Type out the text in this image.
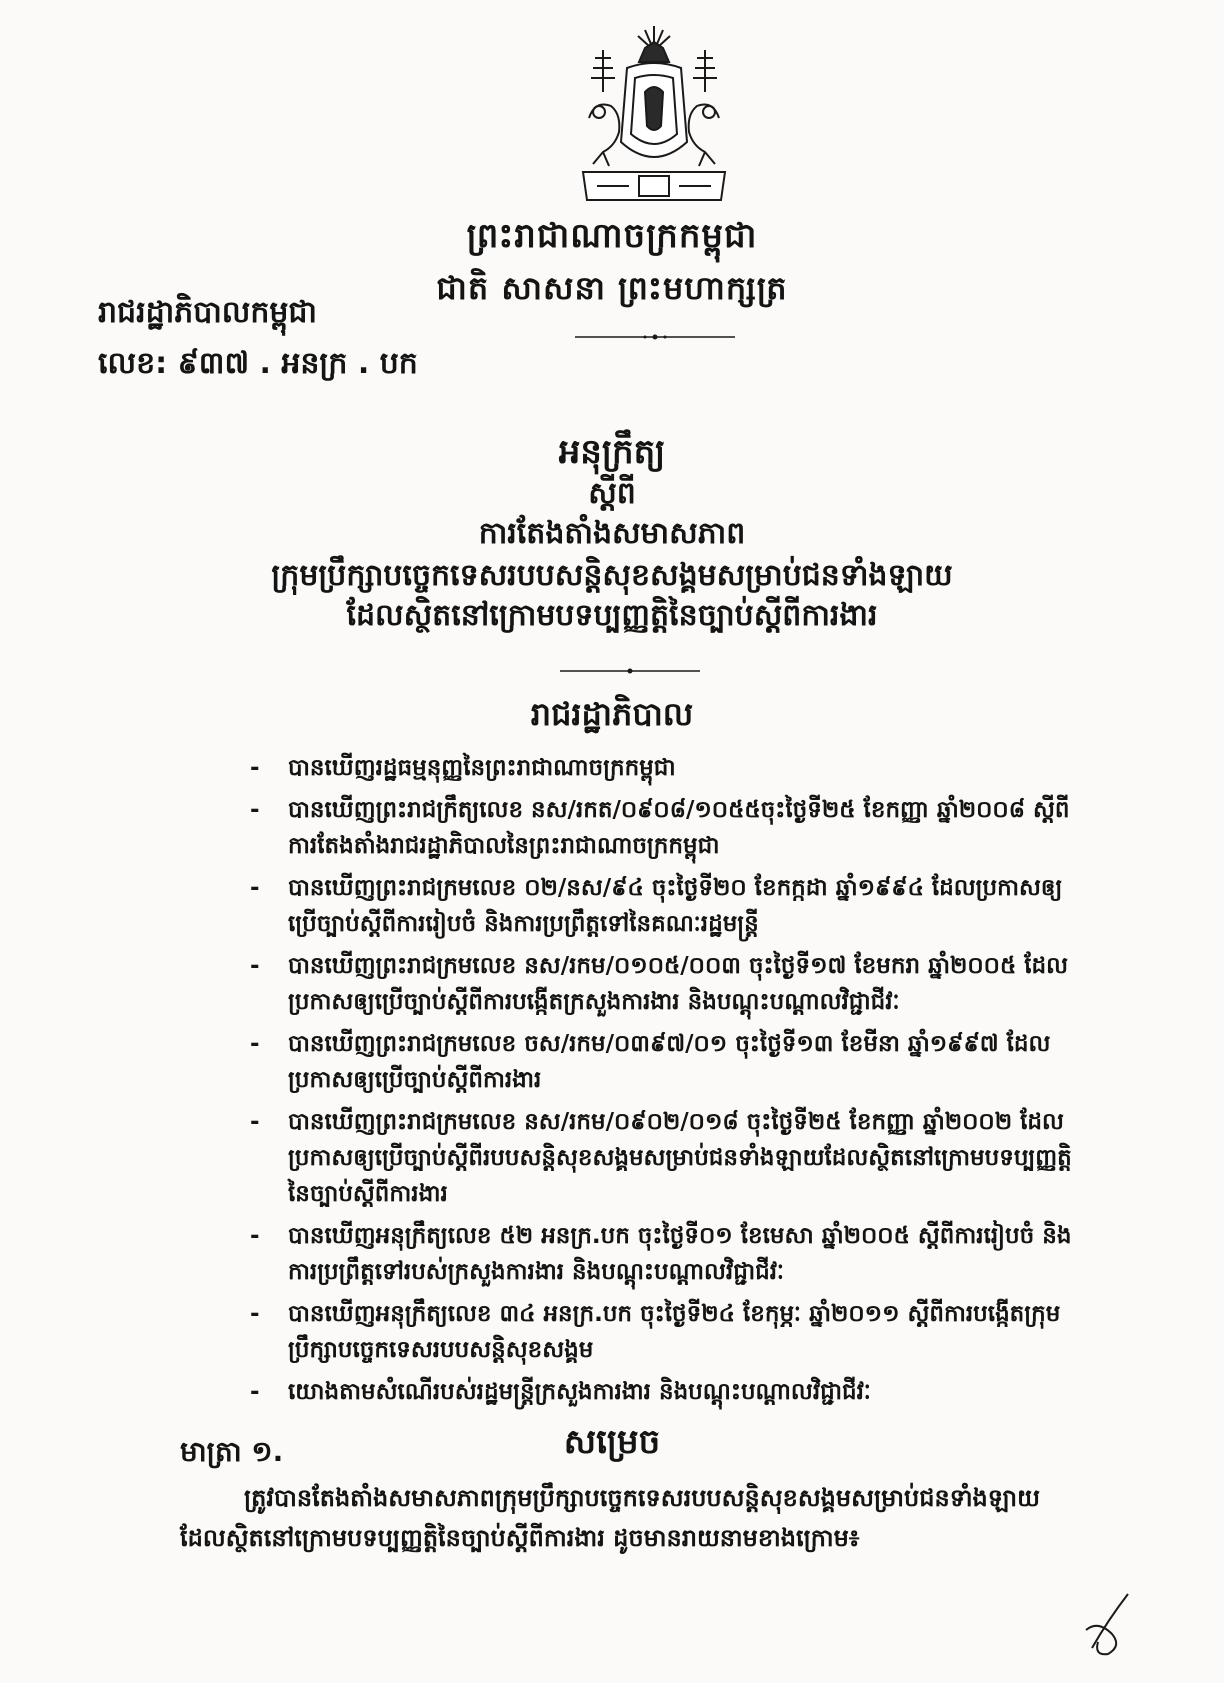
ព្រះរាជាណាចក្រកម្ពុជា
ជាតិ សាសនា ព្រះមហាក្សត្រ
រាជរដ្ឋាភិបាលកម្ពុជា
លេខ: ៩៣៧ . អនក្រ . បក
អនុក្រឹត្យ
ស្តីពី
ការតែងតាំងសមាសភាព
ក្រុមប្រឹក្សាបច្ចេកទេសរបបសន្តិសុខសង្គមសម្រាប់ជនទាំងឡាយ
ដែលស្ថិតនៅក្រោមបទប្បញ្ញត្តិនៃច្បាប់ស្តីពីការងារ
រាជរដ្ឋាភិបាល
- បានឃើញរដ្ឋធម្មនុញ្ញនៃព្រះរាជាណាចក្រកម្ពុជា
- បានឃើញព្រះរាជក្រឹត្យលេខ នស/រកត/០៩០៨/១០៥៥ចុះថ្ងៃទី២៥ ខែកញ្ញា ឆ្នាំ២០០៨ ស្តីពីការតែងតាំងរាជរដ្ឋាភិបាលនៃព្រះរាជាណាចក្រកម្ពុជា
- បានឃើញព្រះរាជក្រមលេខ ០២/នស/៩៤ ចុះថ្ងៃទី២០ ខែកក្កដា ឆ្នាំ១៩៩៤ ដែលប្រកាសឲ្យប្រើច្បាប់ស្តីពីការរៀបចំ និងការប្រព្រឹត្តទៅនៃគណៈរដ្ឋមន្ត្រី
- បានឃើញព្រះរាជក្រមលេខ នស/រកម/០១០៥/០០៣ ចុះថ្ងៃទី១៧ ខែមករា ឆ្នាំ២០០៥ ដែលប្រកាសឲ្យប្រើច្បាប់ស្តីពីការបង្កើតក្រសួងការងារ និងបណ្តុះបណ្តាលវិជ្ជាជីវៈ
- បានឃើញព្រះរាជក្រមលេខ ចស/រកម/០៣៩៧/០១ ចុះថ្ងៃទី១៣ ខែមីនា ឆ្នាំ១៩៩៧ ដែលប្រកាសឲ្យប្រើច្បាប់ស្តីពីការងារ
- បានឃើញព្រះរាជក្រមលេខ នស/រកម/០៩០២/០១៨ ចុះថ្ងៃទី២៥ ខែកញ្ញា ឆ្នាំ២០០២ ដែលប្រកាសឲ្យប្រើច្បាប់ស្តីពីរបបសន្តិសុខសង្គមសម្រាប់ជនទាំងឡាយដែលស្ថិតនៅក្រោមបទប្បញ្ញត្តិនៃច្បាប់ស្តីពីការងារ
- បានឃើញអនុក្រឹត្យលេខ ៥២ អនក្រ.បក ចុះថ្ងៃទី០១ ខែមេសា ឆ្នាំ២០០៥ ស្តីពីការរៀបចំ និងការប្រព្រឹត្តទៅរបស់ក្រសួងការងារ និងបណ្តុះបណ្តាលវិជ្ជាជីវៈ
- បានឃើញអនុក្រឹត្យលេខ ៣៤ អនក្រ.បក ចុះថ្ងៃទី២៤ ខែកុម្ភៈ ឆ្នាំ២០១១ ស្តីពីការបង្កើតក្រុមប្រឹក្សាបច្ចេកទេសរបបសន្តិសុខសង្គម
- យោងតាមសំណើរបស់រដ្ឋមន្ត្រីក្រសួងការងារ និងបណ្តុះបណ្តាលវិជ្ជាជីវៈ
សម្រេច
មាត្រា ១.

ត្រូវបានតែងតាំងសមាសភាពក្រុមប្រឹក្សាបច្ចេកទេសរបបសន្តិសុខសង្គមសម្រាប់ជនទាំងឡាយដែលស្ថិតនៅក្រោមបទប្បញ្ញត្តិនៃច្បាប់ស្តីពីការងារ ដូចមានរាយនាមខាងក្រោម៖
